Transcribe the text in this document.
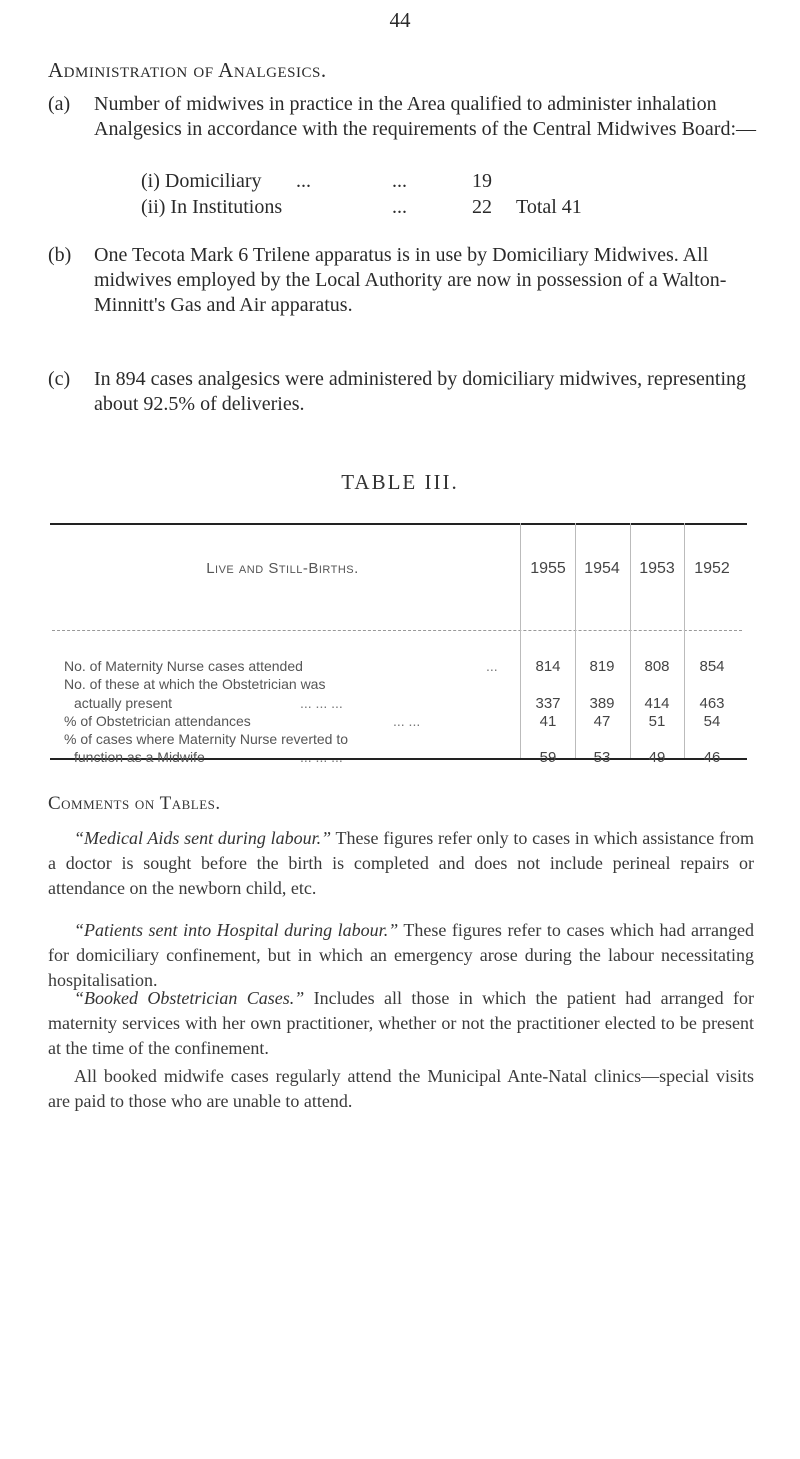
44
Administration of Analgesics.
(a) Number of midwives in practice in the Area qualified to administer inhalation Analgesics in accordance with the requirements of the Central Midwives Board:—
(i) Domiciliary ...	...	19
(ii) In Institutions	...	22 Total 41
(b) One Tecota Mark 6 Trilene apparatus is in use by Domiciliary Midwives. All midwives employed by the Local Authority are now in possession of a Walton-Minnitt's Gas and Air apparatus.
(c) In 894 cases analgesics were administered by domiciliary midwives, representing about 92.5% of deliveries.
TABLE III.
Live and Still-Births.	1955	1954	1953	1952
No. of Maternity Nurse cases attended	...	814	819	808	854
No. of these at which the Obstetrician was
actually present	... ... ...	337	389	414	463
% of Obstetrician attendances	... ...	41	47	51	54
% of cases where Maternity Nurse reverted to
function as a Midwife	... ... ...	59	53	49	46
Comments on Tables.
“Medical Aids sent during labour.” These figures refer only to cases in which assistance from a doctor is sought before the birth is completed and does not include perineal repairs or attendance on the newborn child, etc.
“Patients sent into Hospital during labour.” These figures refer to cases which had arranged for domiciliary confinement, but in which an emergency arose during the labour necessitating hospitalisation.
“Booked Obstetrician Cases.” Includes all those in which the patient had arranged for maternity services with her own practitioner, whether or not the practitioner elected to be present at the time of the confinement.
All booked midwife cases regularly attend the Municipal Ante-Natal clinics—special visits are paid to those who are unable to attend.
